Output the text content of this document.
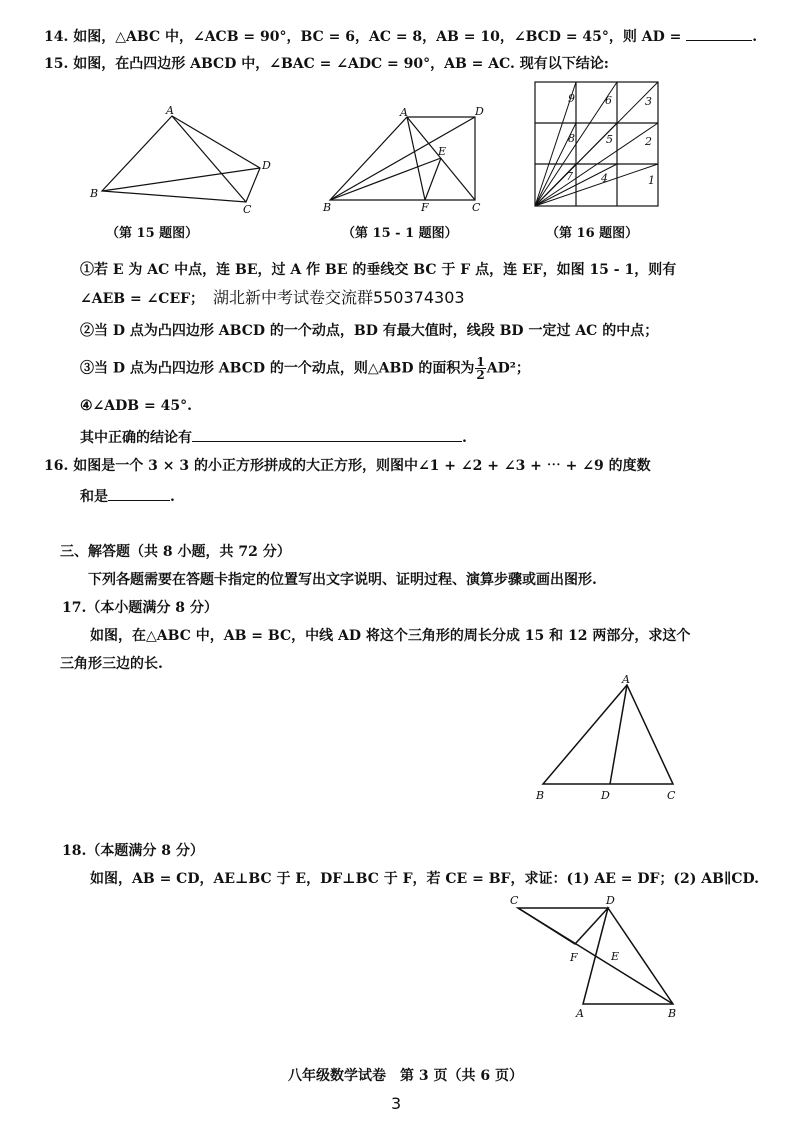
14. 如图，△ABC 中，∠ACB = 90°，BC = 6，AC = 8，AB = 10，∠BCD = 45°，则 AD =	.
15. 如图，在凸四边形 ABCD 中，∠BAC = ∠ADC = 90°，AB = AC. 现有以下结论:
A
B
C
D
A
B	C
D
E
F
1
2
3
4
5
6
7
8
9
（第 15 题图）	（第 15 - 1 题图）	（第 16 题图）
①若 E 为 AC 中点，连 BE，过 A 作 BE 的垂线交 BC 于 F 点，连 EF，如图 15 - 1，则有
∠AEB = ∠CEF； 湖北新中考试卷交流群550374303
②当 D 点为凸四边形 ABCD 的一个动点，BD 有最大值时，线段 BD 一定过 AC 的中点；
③当 D 点为凸四边形 ABCD 的一个动点，则△ABD 的面积为 $\frac{1}{2} AD^2$；
④∠ADB = 45°.
其中正确的结论有	.
16. 如图是一个 3 × 3 的小正方形拼成的大正方形，则图中∠1 + ∠2 + ∠3 + ⋯ + ∠9 的度数
和是	.
三、解答题（共 8 小题，共 72 分）
下列各题需要在答题卡指定的位置写出文字说明、证明过程、演算步骤或画出图形.
17.（本小题满分 8 分）
如图，在△ABC 中，AB = BC，中线 AD 将这个三角形的周长分成 15 和 12 两部分，求这个
三角形三边的长.
A
B	C
D
18.（本题满分 8 分）
如图，AB = CD，AE⊥BC 于 E，DF⊥BC 于 F，若 CE = BF，求证：(1) AE = DF；(2) AB∥CD.
C	D
F	E
A	B
八年级数学试卷　第 3 页（共 6 页）
3
